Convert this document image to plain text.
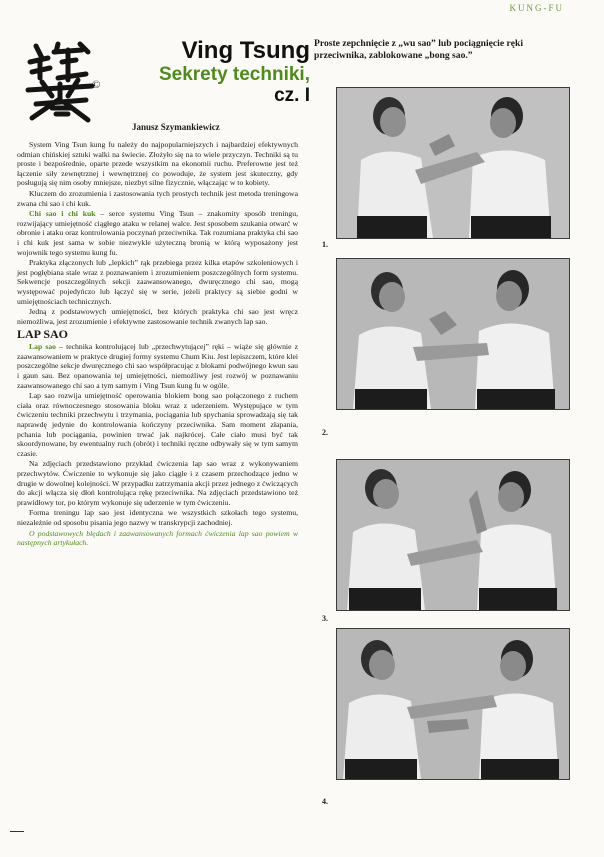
KUNG-FU
©
Ving Tsung
Sekrety techniki,
cz. I
Janusz Szymankiewicz

System Ving Tsun kung fu należy do najpopularniejszych i najbardziej efektywnych odmian chińskiej sztuki walki na świecie. Złożyło się na to wiele przyczyn. Techniki są tu proste i bezpośrednie, oparte przede wszystkim na ekonomii ruchu. Preferowne jest też łączenie siły zewnętrznej i wewnętrznej co powoduje, że system jest skuteczny, gdy posługują się nim osoby mniejsze, niezbyt silne fizycznie, włączając w to kobiety.

Kluczem do zrozumienia i zastosowania tych prostych technik jest metoda treningowa zwana chi sao i chi kuk.

Chi sao i chi kuk – serce systemu Ving Tsun – znakomity sposób treningu, rozwijający umiejętność ciągłego ataku w relanej walce. Jest sposobem szukania otwarć w obronie i ataku oraz kontrolowania poczynań przeciwnika. Tak rozumiana praktyka chi sao i chi kuk jest sama w sobie niezwykle użyteczną bronią w którą wyposażony jest wojownik tego systemu kung fu.

Praktyka złączonych lub „lepkich” rąk przebiega przez kilka etapów szkoleniowych i jest pogłębiana stale wraz z poznawaniem i zrozumieniem poszczególnych form systemu. Sekwencje poszczególnych sekcji zaawansowanego, dwuręcznego chi sao, mogą występować pojedyńczo lub łączyć się w serie, jeżeli praktycy są siebie godni w umiejętnościach technicznych.

Jedną z podstawowych umiejętności, bez których praktyka chi sao jest wręcz niemożliwa, jest zrozumienie i efektywne zastosowanie technik zwanych lap sao.

LAP SAO

Lap sao – technika kontrolującej lub „przechwytującej” ręki – wiąże się głównie z zaawansowaniem w praktyce drugiej formy systemu Chum Kiu. Jest lepiszczem, które klei poszczególne sekcje dwuręcznego chi sao współpracując z blokami podwójnego kwun sau i gaun sau. Bez opanowania tej umiejętności, niemożliwy jest rozwój w poznawaniu zaawansowanego chi sao a tym samym i Ving Tsun kung fu w ogóle.

Lap sao rozwija umiejętność operowania blokiem bong sao połączonego z ruchem ciała oraz równoczesnego stosowania bloku wraz z uderzeniem. Występujące w tym ćwiczeniu techniki przechwytu i trzymania, pociągania lub spychania sprowadzają się tak naprawdę jedynie do kontrolowania kończyny przeciwnika. Sam moment złapania, pchania lub pociągania, powinien trwać jak najkrócej. Całe ciało musi być tak skoordynowane, by ewentualny ruch (obrót) i techniki ręczne odbywały się w tym samym czasie.

Na zdjęciach przedstawiono przykład ćwiczenia lap sao wraz z wykonywaniem przechwytów. Ćwiczenie to wykonuje się jako ciągłe i z czasem przechodzące jedno w drugie w dowolnej kolejności. W przypadku zatrzymania akcji przez jednego z ćwiczących do akcji włącza się dłoń kontrolująca rękę przeciwnika. Na zdjęciach przedstawiono też prawidłowy tor, po którym wykonuje się uderzenie w tym ćwiczeniu.

Forma treningu lap sao jest identyczna we wszystkich szkołach tego systemu, niezależnie od sposobu pisania jego nazwy w transkrypcji zachodniej.

O podstawowych błędach i zaawansowanych formach ćwiczenia lap sao powiem w następnych artykułach.

Proste zepchnięcie z „wu sao” lub pociągnięcie ręki przeciwnika, zablokowane „bong sao.”
1.
2.
3.
4.
